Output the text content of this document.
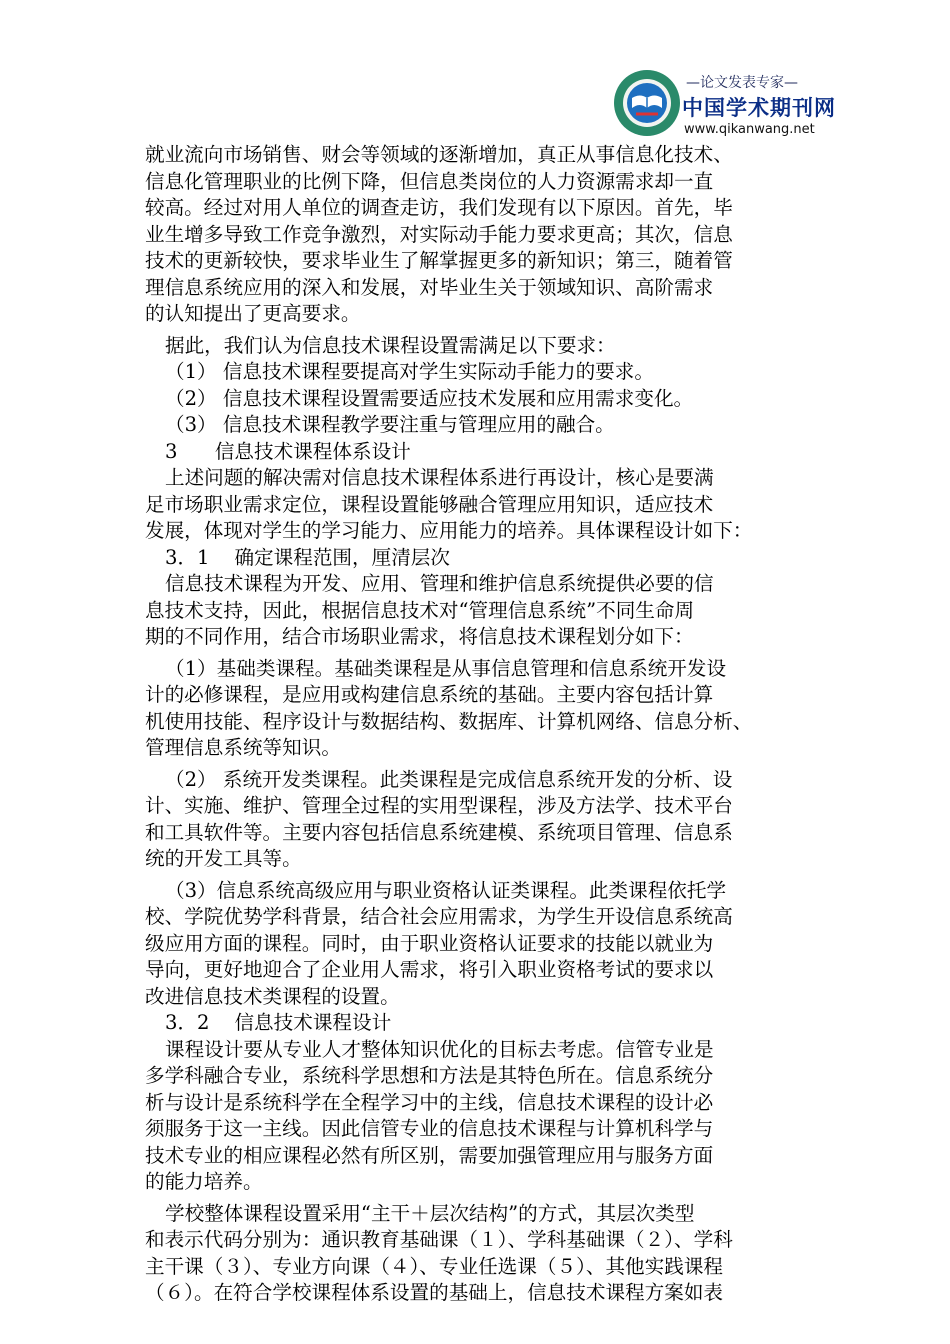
—论文发表专家—
中国学术期刊网
www.qikanwang.net

就业流向市场销售、财会等领域的逐渐增加，真正从事信息化技术、

信息化管理职业的比例下降，但信息类岗位的人力资源需求却一直

较高。经过对用人单位的调查走访，我们发现有以下原因。首先，毕

业生增多导致工作竞争激烈，对实际动手能力要求更高；其次，信息

技术的更新较快，要求毕业生了解掌握更多的新知识；第三，随着管

理信息系统应用的深入和发展，对毕业生关于领域知识、高阶需求

的认知提出了更高要求。

据此，我们认为信息技术课程设置需满足以下要求：

（1） 信息技术课程要提高对学生实际动手能力的要求。

（2） 信息技术课程设置需要适应技术发展和应用需求变化。

（3） 信息技术课程教学要注重与管理应用的融合。

3      信息技术课程体系设计

上述问题的解决需对信息技术课程体系进行再设计，核心是要满

足市场职业需求定位，课程设置能够融合管理应用知识，适应技术

发展，体现对学生的学习能力、应用能力的培养。具体课程设计如下：

3．1    确定课程范围，厘清层次

信息技术课程为开发、应用、管理和维护信息系统提供必要的信

息技术支持，因此，根据信息技术对“管理信息系统”不同生命周

期的不同作用，结合市场职业需求，将信息技术课程划分如下：

（1）基础类课程。基础类课程是从事信息管理和信息系统开发设

计的必修课程，是应用或构建信息系统的基础。主要内容包括计算

机使用技能、程序设计与数据结构、数据库、计算机网络、信息分析、

管理信息系统等知识。

（2） 系统开发类课程。此类课程是完成信息系统开发的分析、设

计、实施、维护、管理全过程的实用型课程，涉及方法学、技术平台

和工具软件等。主要内容包括信息系统建模、系统项目管理、信息系

统的开发工具等。

（3）信息系统高级应用与职业资格认证类课程。此类课程依托学

校、学院优势学科背景，结合社会应用需求，为学生开设信息系统高

级应用方面的课程。同时，由于职业资格认证要求的技能以就业为

导向，更好地迎合了企业用人需求，将引入职业资格考试的要求以

改进信息技术类课程的设置。

3．2    信息技术课程设计

课程设计要从专业人才整体知识优化的目标去考虑。信管专业是

多学科融合专业，系统科学思想和方法是其特色所在。信息系统分

析与设计是系统科学在全程学习中的主线，信息技术课程的设计必

须服务于这一主线。因此信管专业的信息技术课程与计算机科学与

技术专业的相应课程必然有所区别，需要加强管理应用与服务方面

的能力培养。

学校整体课程设置采用“主干＋层次结构”的方式，其层次类型

和表示代码分别为：通识教育基础课（１）、学科基础课（２）、学科

主干课（３）、专业方向课（４）、专业任选课（５）、其他实践课程

（６）。在符合学校课程体系设置的基础上，信息技术课程方案如表
